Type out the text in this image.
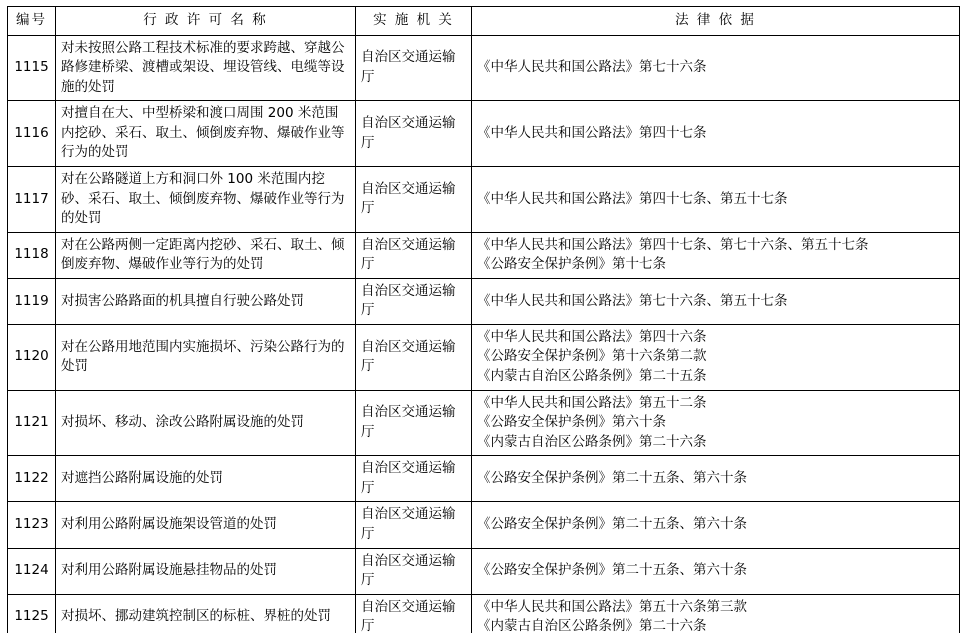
编号	行 政 许 可 名 称	实 施 机 关	法 律 依 据
1115	对未按照公路工程技术标准的要求跨越、穿越公路修建桥梁、渡槽或架设、埋设管线、电缆等设施的处罚	自治区交通运输厅	《中华人民共和国公路法》第七十六条

1116	对擅自在大、中型桥梁和渡口周围 200 米范围内挖砂、采石、取土、倾倒废弃物、爆破作业等行为的处罚	自治区交通运输厅	《中华人民共和国公路法》第四十七条

1117	对在公路隧道上方和洞口外 100 米范围内挖砂、采石、取土、倾倒废弃物、爆破作业等行为的处罚	自治区交通运输厅	《中华人民共和国公路法》第四十七条、第五十七条

1118	对在公路两侧一定距离内挖砂、采石、取土、倾倒废弃物、爆破作业等行为的处罚	自治区交通运输厅	《中华人民共和国公路法》第四十七条、第七十六条、第五十七条
《公路安全保护条例》第十七条

1119	对损害公路路面的机具擅自行驶公路处罚	自治区交通运输厅	《中华人民共和国公路法》第七十六条、第五十七条

1120	对在公路用地范围内实施损坏、污染公路行为的处罚	自治区交通运输厅	《中华人民共和国公路法》第四十六条
《公路安全保护条例》第十六条第二款
《内蒙古自治区公路条例》第二十五条

1121	对损坏、移动、涂改公路附属设施的处罚	自治区交通运输厅	《中华人民共和国公路法》第五十二条
《公路安全保护条例》第六十条
《内蒙古自治区公路条例》第二十六条

1122	对遮挡公路附属设施的处罚	自治区交通运输厅	《公路安全保护条例》第二十五条、第六十条

1123	对利用公路附属设施架设管道的处罚	自治区交通运输厅	《公路安全保护条例》第二十五条、第六十条

1124	对利用公路附属设施悬挂物品的处罚	自治区交通运输厅	《公路安全保护条例》第二十五条、第六十条

1125	对损坏、挪动建筑控制区的标桩、界桩的处罚	自治区交通运输厅	《中华人民共和国公路法》第五十六条第三款
《内蒙古自治区公路条例》第二十六条
